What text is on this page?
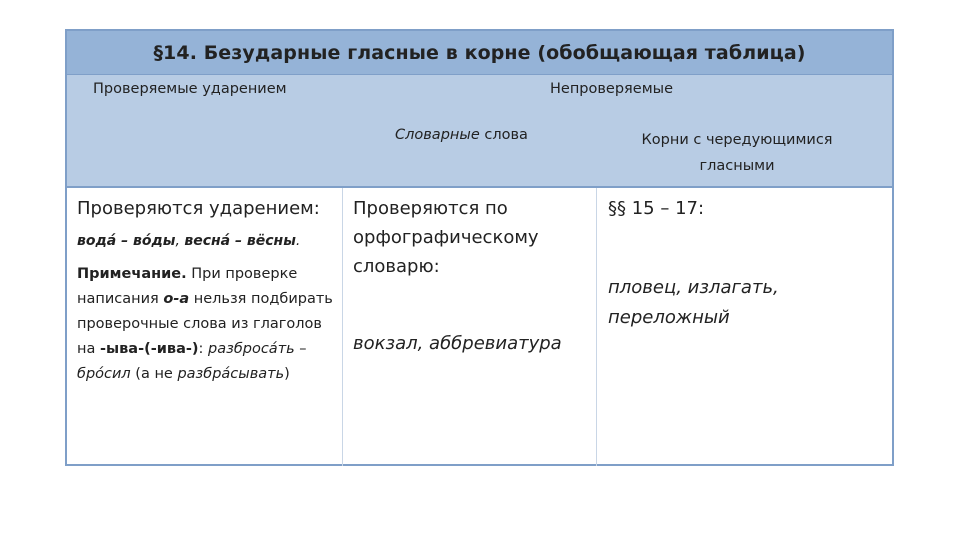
§14. Безударные гласные в корне (обобщающая таблица)
Проверяемые ударением	Непроверяемые
Словарные слова	Корни с чередующимися гласными
Проверяются ударением:
вода́ – во́ды, весна́ – вёсны.
Примечание. При проверке написания о-а нельзя подбирать проверочные слова из глаголов на -ыва-(-ива-): разброса́ть – бро́сил (а не разбра́сывать)
Проверяются по орфографическому словарю:
вокзал, аббревиатура
§§ 15 – 17:
пловец, излагать, переложный
